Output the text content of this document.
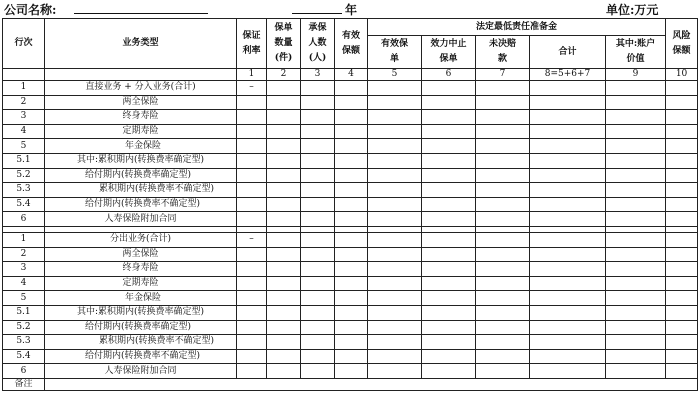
公司名称:	年	单位:万元
行次	业务类型	保证利率	保单数量(件)	承保人数(人)	有效保额	法定最低责任准备金					风险保额

						有效保单	效力中止保单	未决赔款	合计	其中:账户价值	

		1	2	3	4	5	6	7	8=5+6+7	9	10
1	直接业务 + 分入业务(合计)	–									
2	两全保险										
3	终身寿险										
4	定期寿险										
5	年金保险										
5.1	其中:累积期内(转换费率确定型)										
5.2	给付期内(转换费率确定型)										
5.3	累积期内(转换费率不确定型)										
5.4	给付期内(转换费率不确定型)										
6	人寿保险附加合同										

1	分出业务(合计)	–									
2	两全保险										
3	终身寿险										
4	定期寿险										
5	年金保险										
5.1	其中:累积期内(转换费率确定型)										
5.2	给付期内(转换费率确定型)										
5.3	累积期内(转换费率不确定型)										
5.4	给付期内(转换费率不确定型)										
6	人寿保险附加合同										
备注											
